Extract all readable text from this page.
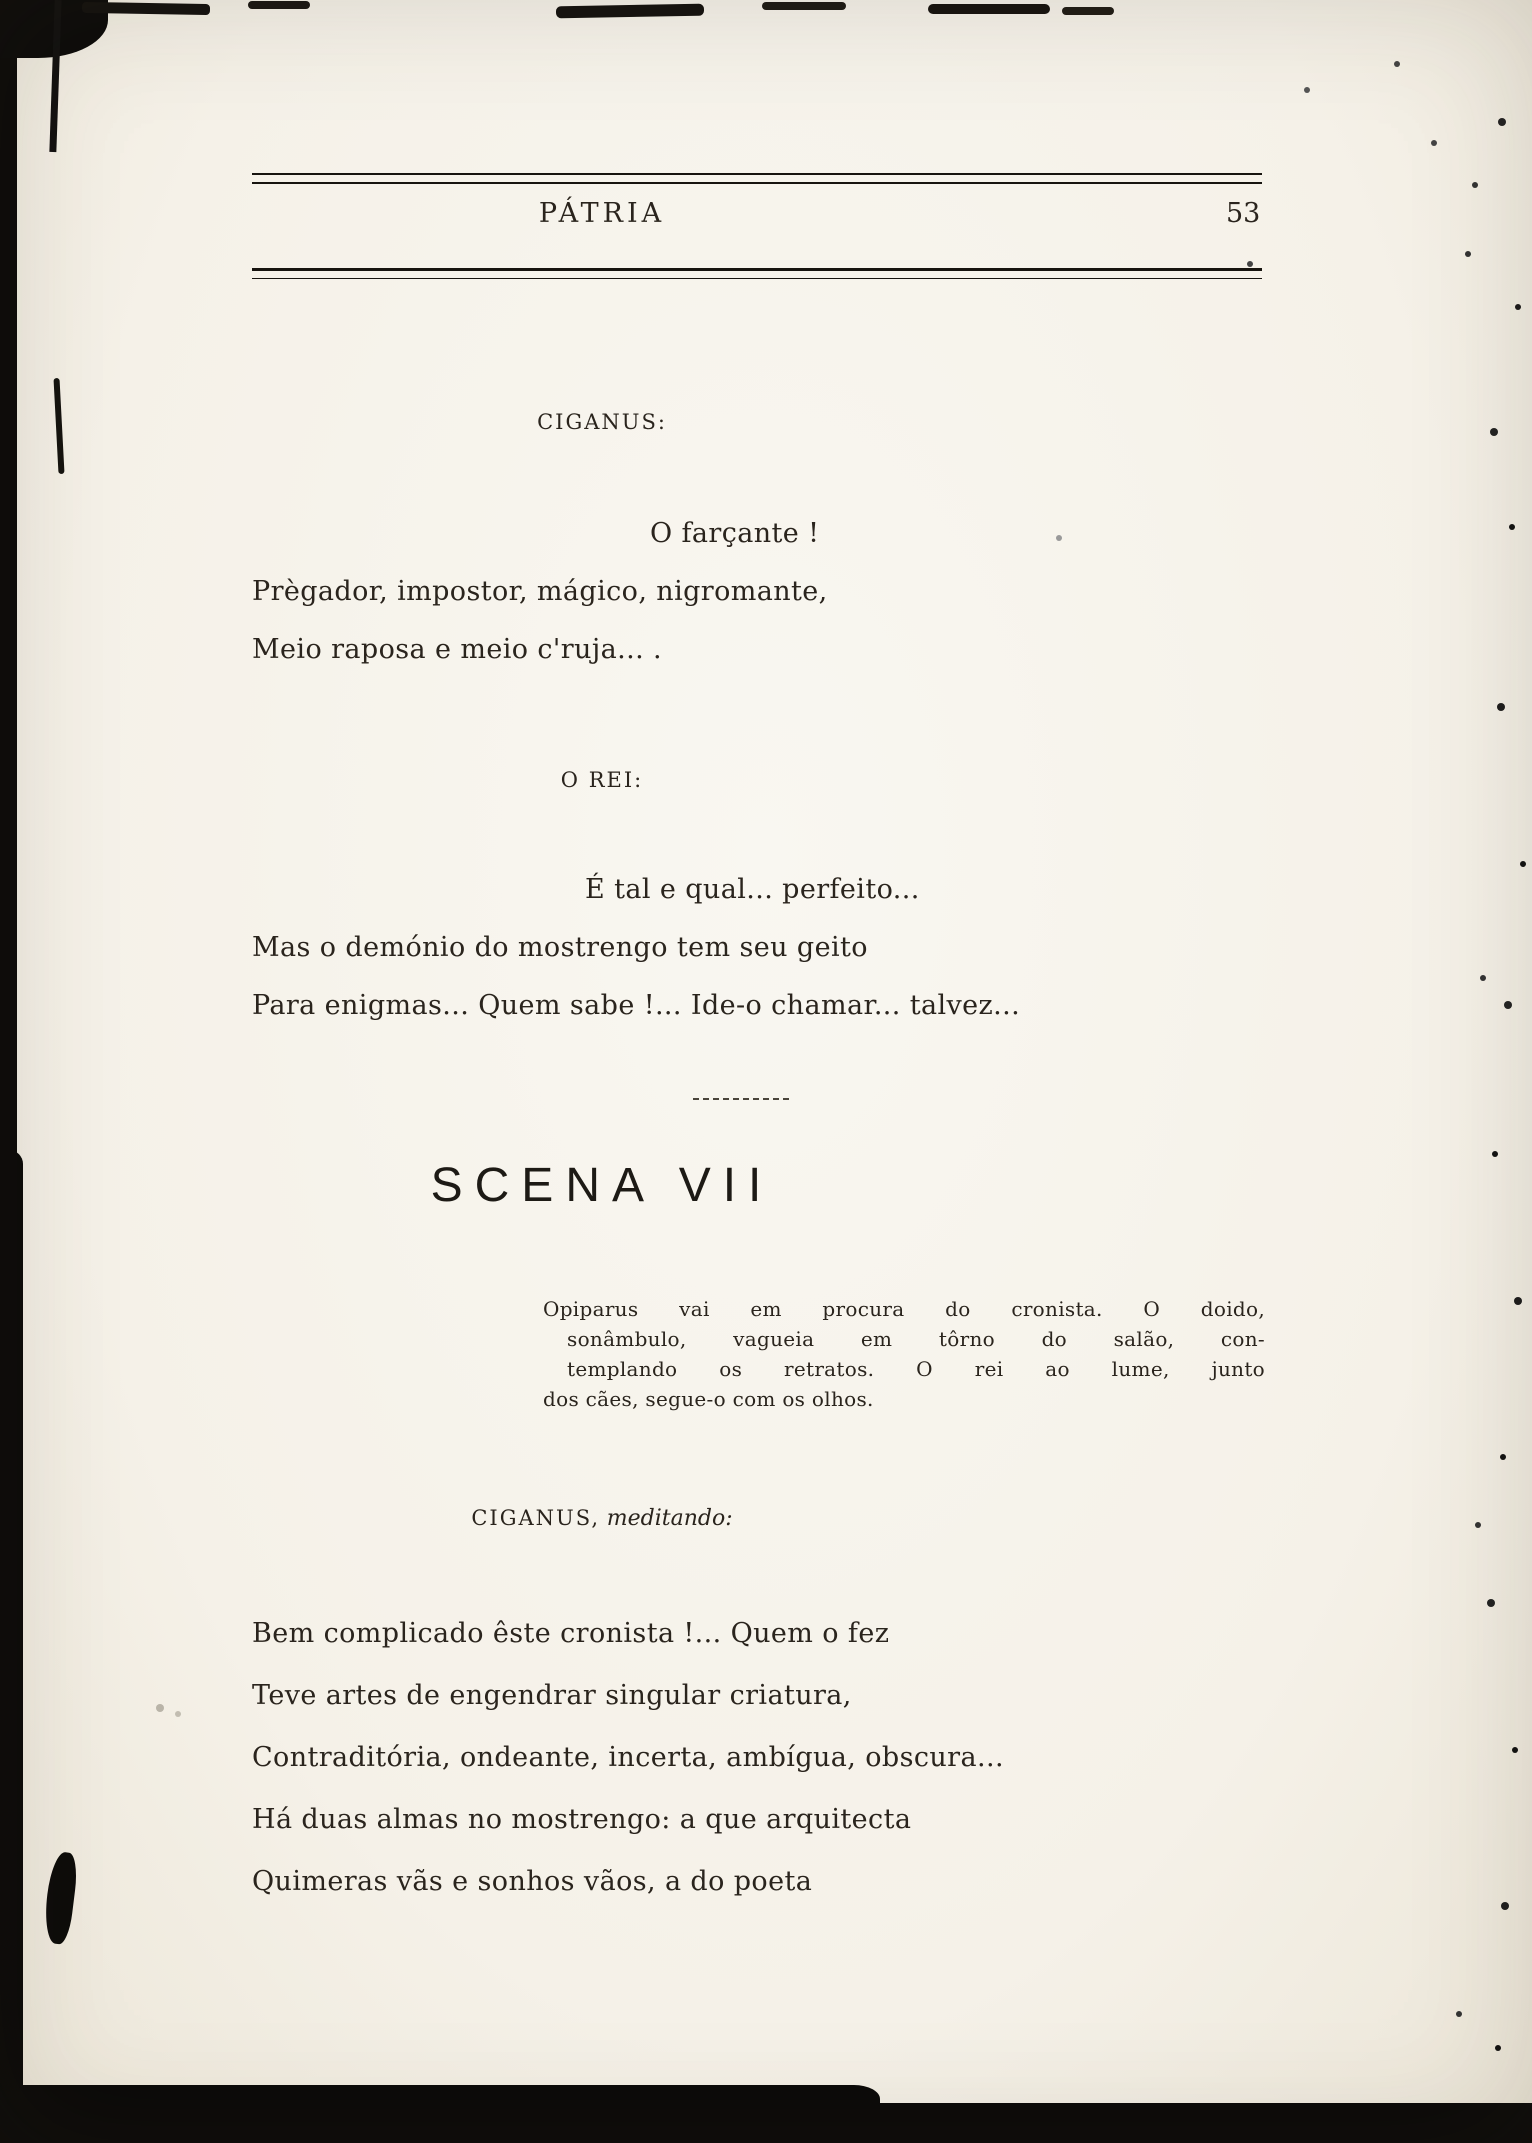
PÁTRIA	53
CIGANUS:
O farçante !
Prègador, impostor, mágico, nigromante,
Meio raposa e meio c'ruja... .
O REI:
É tal e qual... perfeito...
Mas o demónio do mostrengo tem seu geito
Para enigmas... Quem sabe !... Ide-o chamar... talvez...
SCENA VII
Opiparus vai em procura do cronista. O doido,
sonâmbulo, vagueia em tôrno do salão, con-
templando os retratos. O rei ao lume, junto
dos cães, segue-o com os olhos.
CIGANUS, meditando:
Bem complicado êste cronista !... Quem o fez
Teve artes de engendrar singular criatura,
Contraditória, ondeante, incerta, ambígua, obscura...
Há duas almas no mostrengo: a que arquitecta
Quimeras vãs e sonhos vãos, a do poeta
